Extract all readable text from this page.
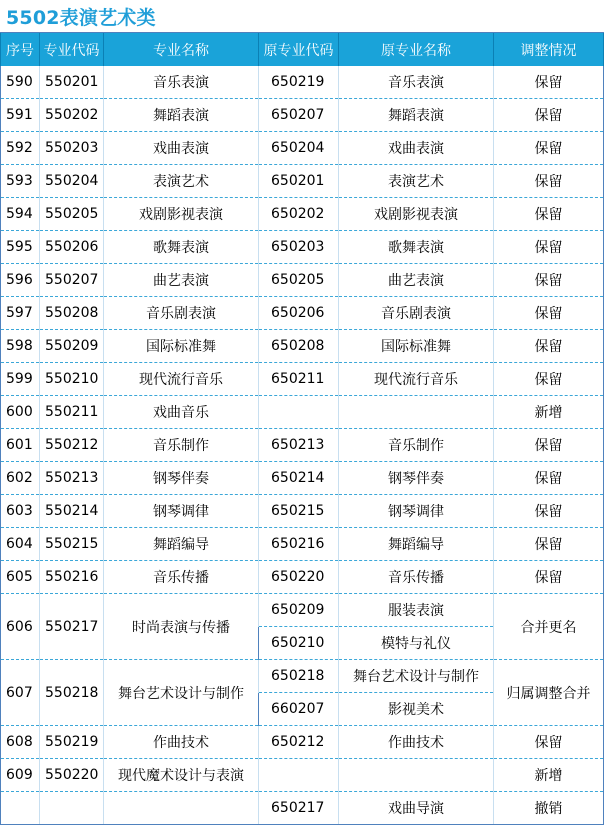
5502表演艺术类
序号	专业代码	专业名称	原专业代码	原专业名称	调整情况
590	550201	音乐表演	650219	音乐表演	保留
591	550202	舞蹈表演	650207	舞蹈表演	保留
592	550203	戏曲表演	650204	戏曲表演	保留
593	550204	表演艺术	650201	表演艺术	保留
594	550205	戏剧影视表演	650202	戏剧影视表演	保留
595	550206	歌舞表演	650203	歌舞表演	保留
596	550207	曲艺表演	650205	曲艺表演	保留
597	550208	音乐剧表演	650206	音乐剧表演	保留
598	550209	国际标准舞	650208	国际标准舞	保留
599	550210	现代流行音乐	650211	现代流行音乐	保留
600	550211	戏曲音乐			新增
601	550212	音乐制作	650213	音乐制作	保留
602	550213	钢琴伴奏	650214	钢琴伴奏	保留
603	550214	钢琴调律	650215	钢琴调律	保留
604	550215	舞蹈编导	650216	舞蹈编导	保留
605	550216	音乐传播	650220	音乐传播	保留
606	550217	时尚表演与传播	650209	服装表演	合并更名
			650210	模特与礼仪	
607	550218	舞台艺术设计与制作	650218	舞台艺术设计与制作	归属调整合并
			660207	影视美术	
608	550219	作曲技术	650212	作曲技术	保留
609	550220	现代魔术设计与表演			新增
			650217	戏曲导演	撤销
